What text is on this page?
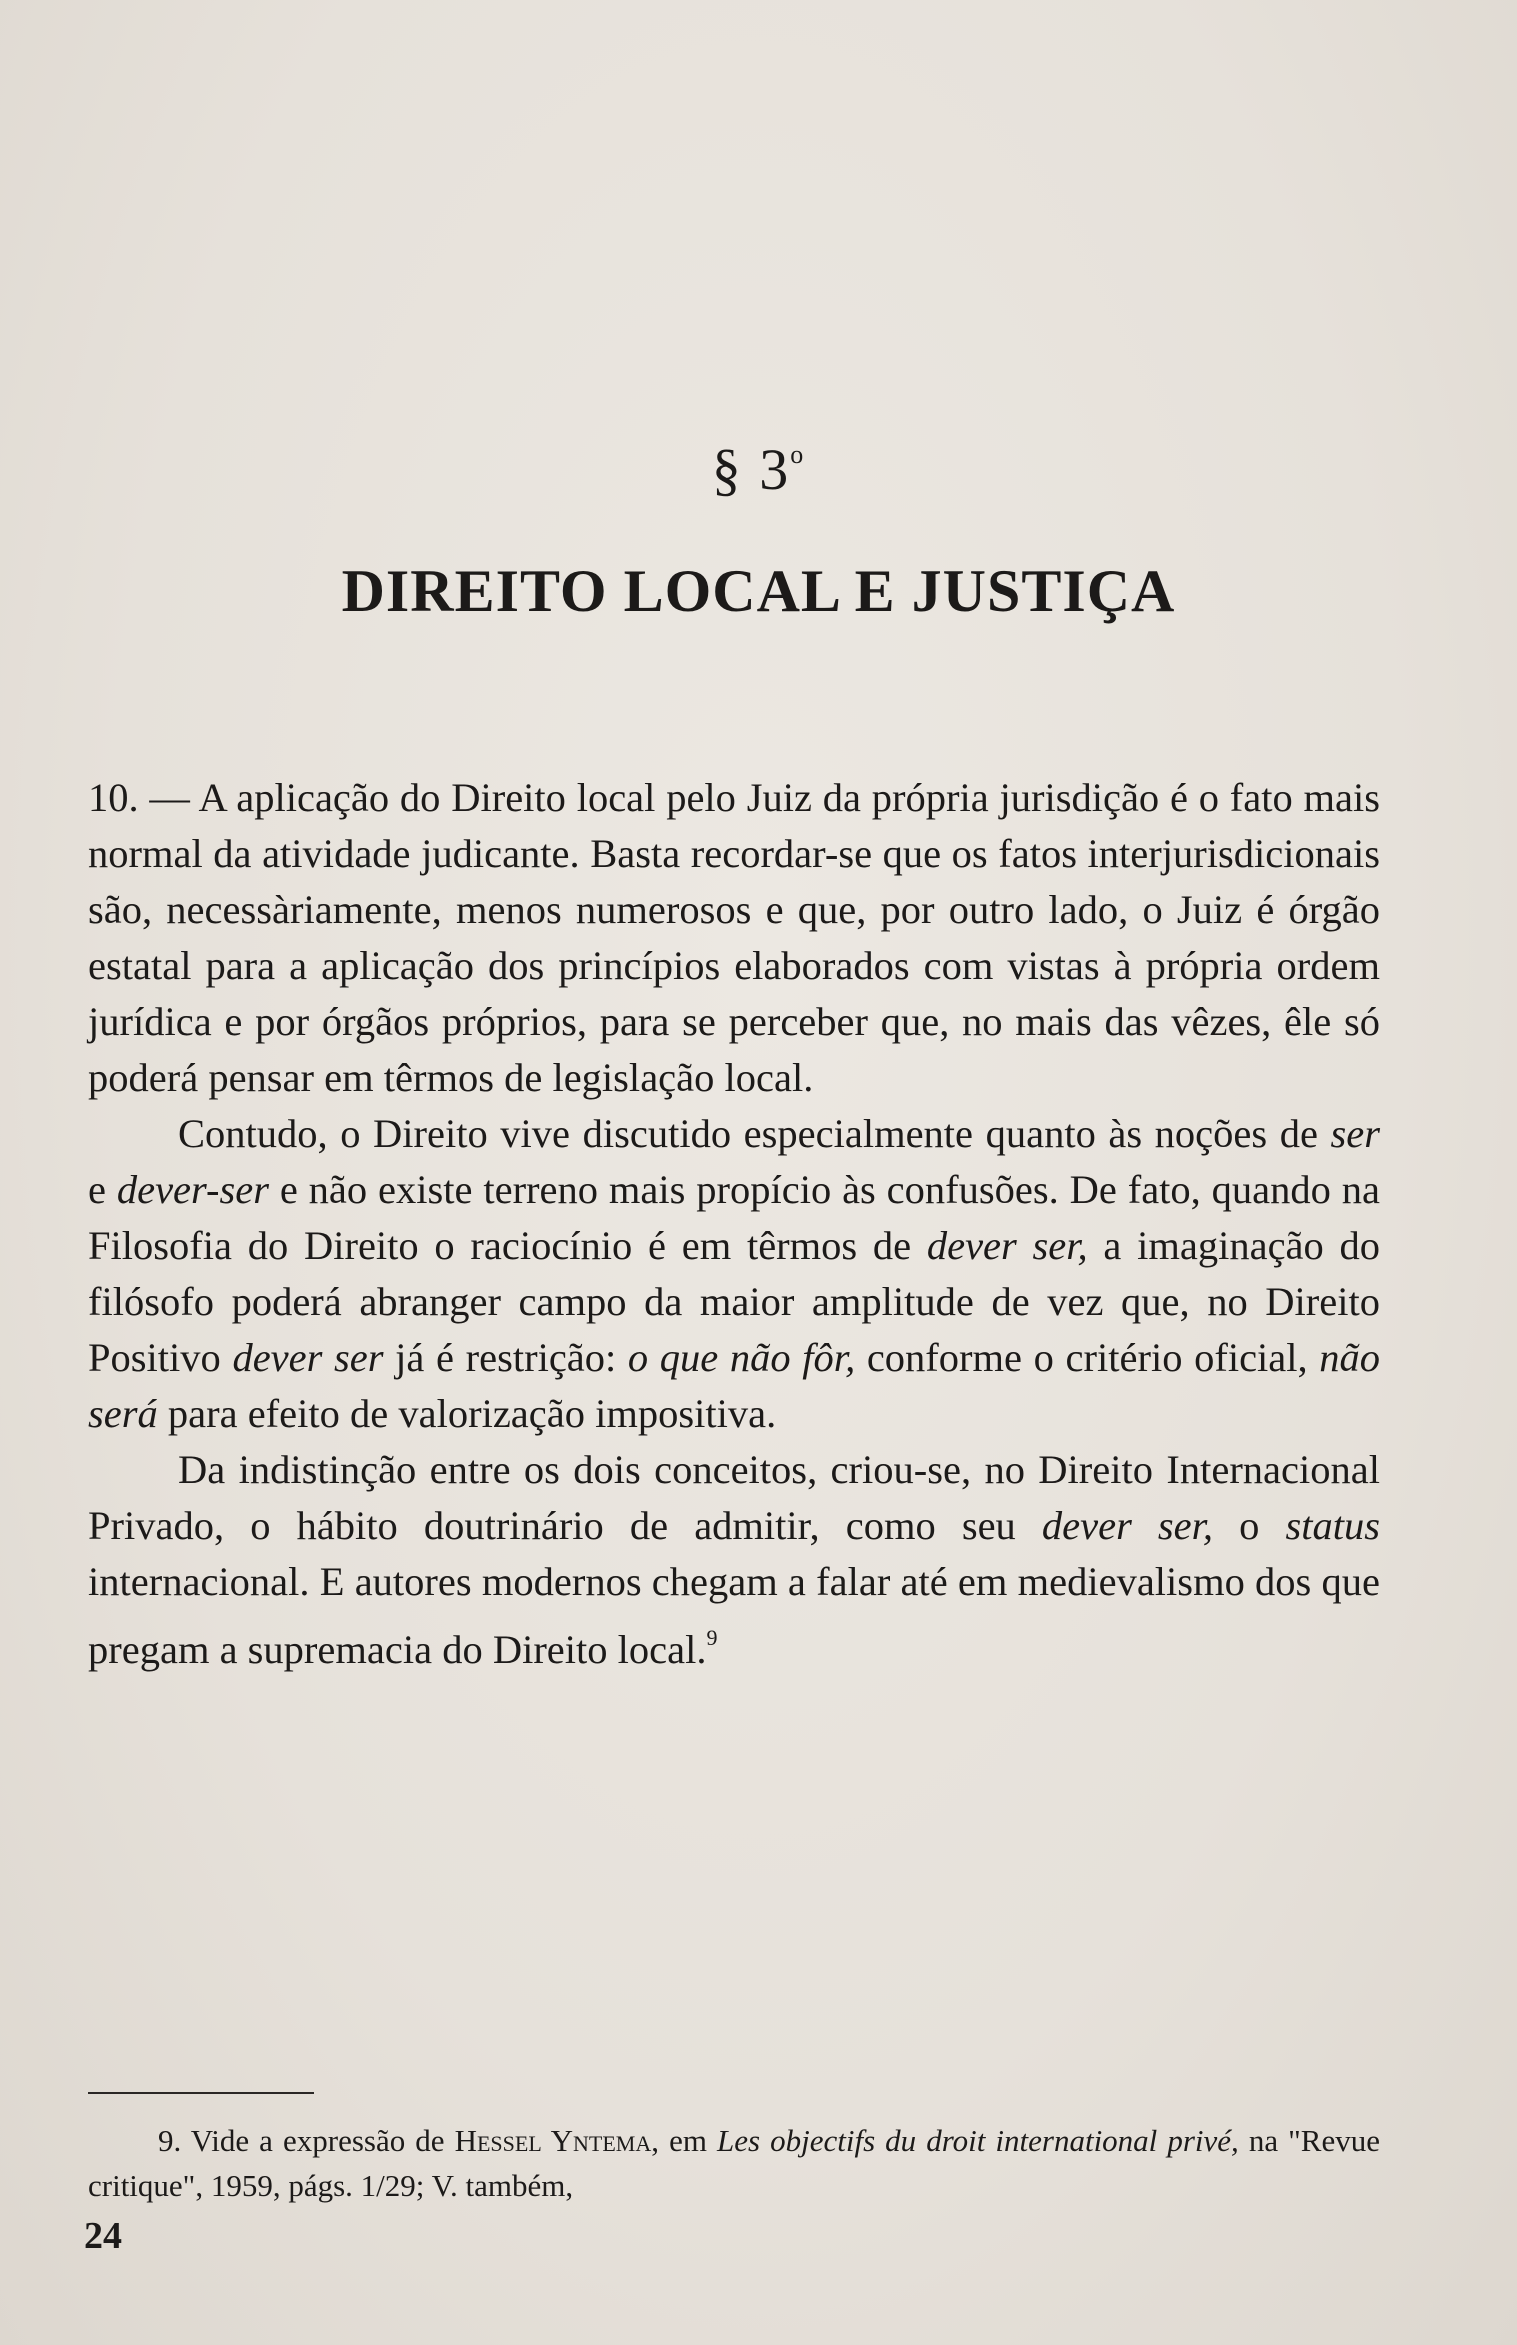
§ 3$^o$
DIREITO LOCAL E JUSTIÇA

10. — A aplicação do Direito local pelo Juiz da própria jurisdição é o fato mais normal da atividade judicante. Basta recordar-se que os fatos interjurisdicionais são, necessàriamente, menos numerosos e que, por outro lado, o Juiz é órgão estatal para a aplicação dos princípios elaborados com vistas à própria ordem jurídica e por órgãos próprios, para se perceber que, no mais das vêzes, êle só poderá pensar em têrmos de legislação local.

Contudo, o Direito vive discutido especialmente quanto às noções de ser e dever-ser e não existe terreno mais propício às confusões. De fato, quando na Filosofia do Direito o raciocínio é em têrmos de dever ser, a imaginação do filósofo poderá abranger campo da maior amplitude de vez que, no Direito Positivo dever ser já é restrição: o que não fôr, conforme o critério oficial, não será para efeito de valorização impositiva.

Da indistinção entre os dois conceitos, criou-se, no Direito Internacional Privado, o hábito doutrinário de admitir, como seu dever ser, o status internacional. E autores modernos chegam a falar até em medievalismo dos que pregam a supremacia do Direito local.$^9$

9. Vide a expressão de Hessel Yntema, em Les objectifs du droit international privé, na "Revue critique", 1959, págs. 1/29; V. também,

24
